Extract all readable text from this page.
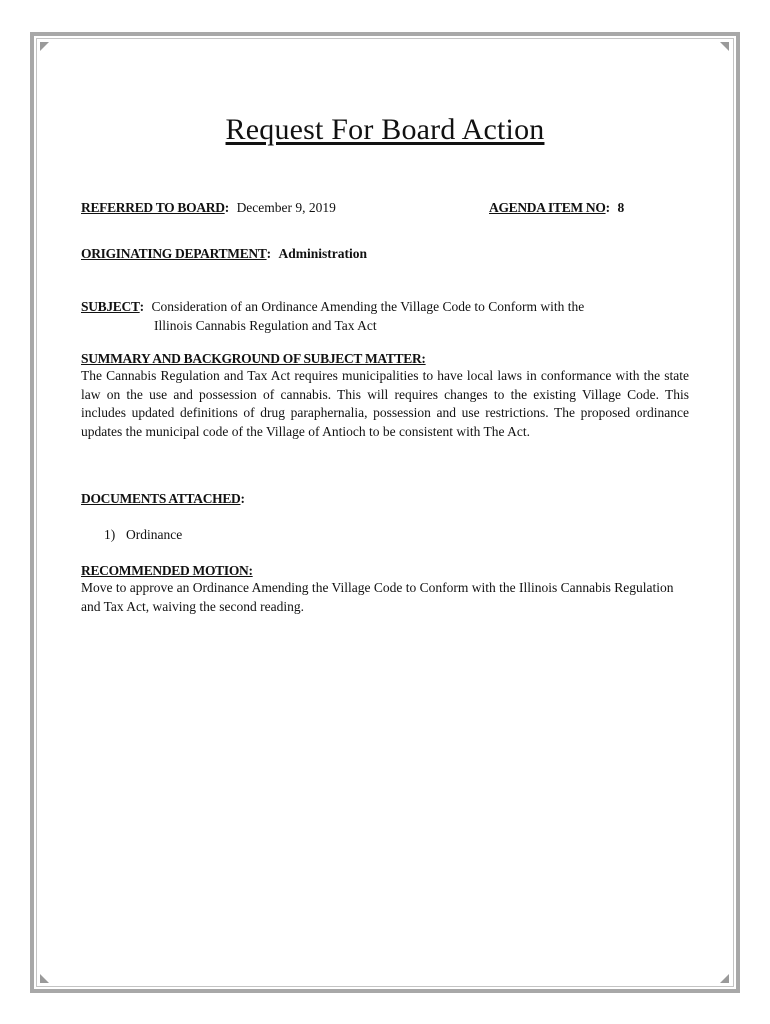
Request For Board Action
REFERRED TO BOARD: December 9, 2019	AGENDA ITEM NO: 8
ORIGINATING DEPARTMENT: Administration
SUBJECT: Consideration of an Ordinance Amending the Village Code to Conform with the
Illinois Cannabis Regulation and Tax Act
SUMMARY AND BACKGROUND OF SUBJECT MATTER:
The Cannabis Regulation and Tax Act requires municipalities to have local laws in conformance with the state law on the use and possession of cannabis. This will requires changes to the existing Village Code. This includes updated definitions of drug paraphernalia, possession and use restrictions. The proposed ordinance updates the municipal code of the Village of Antioch to be consistent with The Act.
DOCUMENTS ATTACHED:
1) Ordinance
RECOMMENDED MOTION:
Move to approve an Ordinance Amending the Village Code to Conform with the Illinois Cannabis Regulation and Tax Act, waiving the second reading.
